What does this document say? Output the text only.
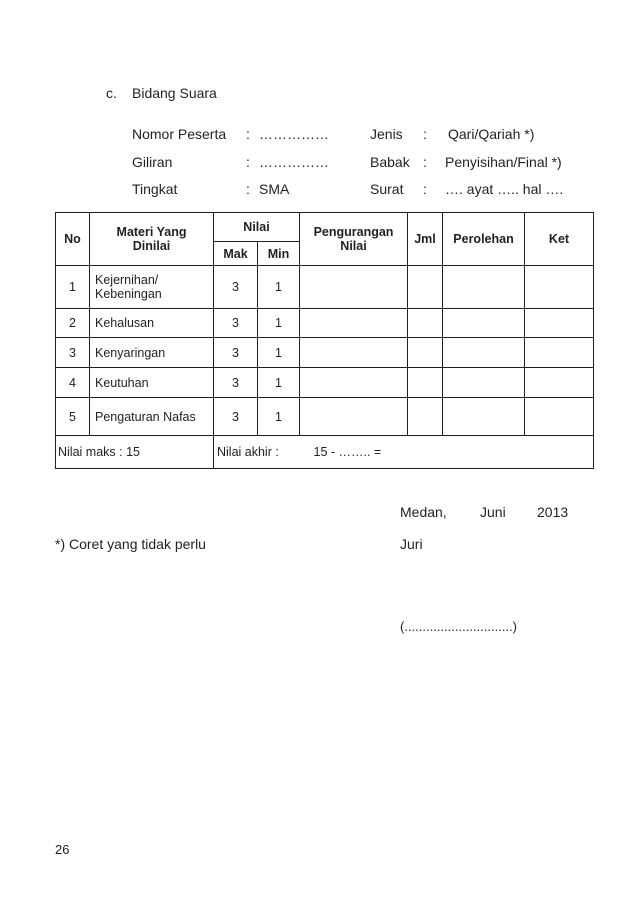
c. Bidang Suara
Nomor Peserta : ……………
Giliran	: ……………
Tingkat	: SMA
Jenis : Qari/Qariah *)
Babak : Penyisihan/Final *)
Surat : …. ayat ….. hal ….
No	Materi Yang Dinilai	Nilai		Pengurangan Nilai	Jml	Perolehan	Ket
		Mak	Min				
1	Kejernihan/ Kebeningan	3	1				
2	Kehalusan	3	1				
3	Kenyaringan	3	1				
4	Keutuhan	3	1				
5	Pengaturan Nafas	3	1				
Nilai maks : 15		Nilai akhir :		15 - …….. =			
Medan, Juni 2013
*) Coret yang tidak perlu	Juri
(..............................)
26
